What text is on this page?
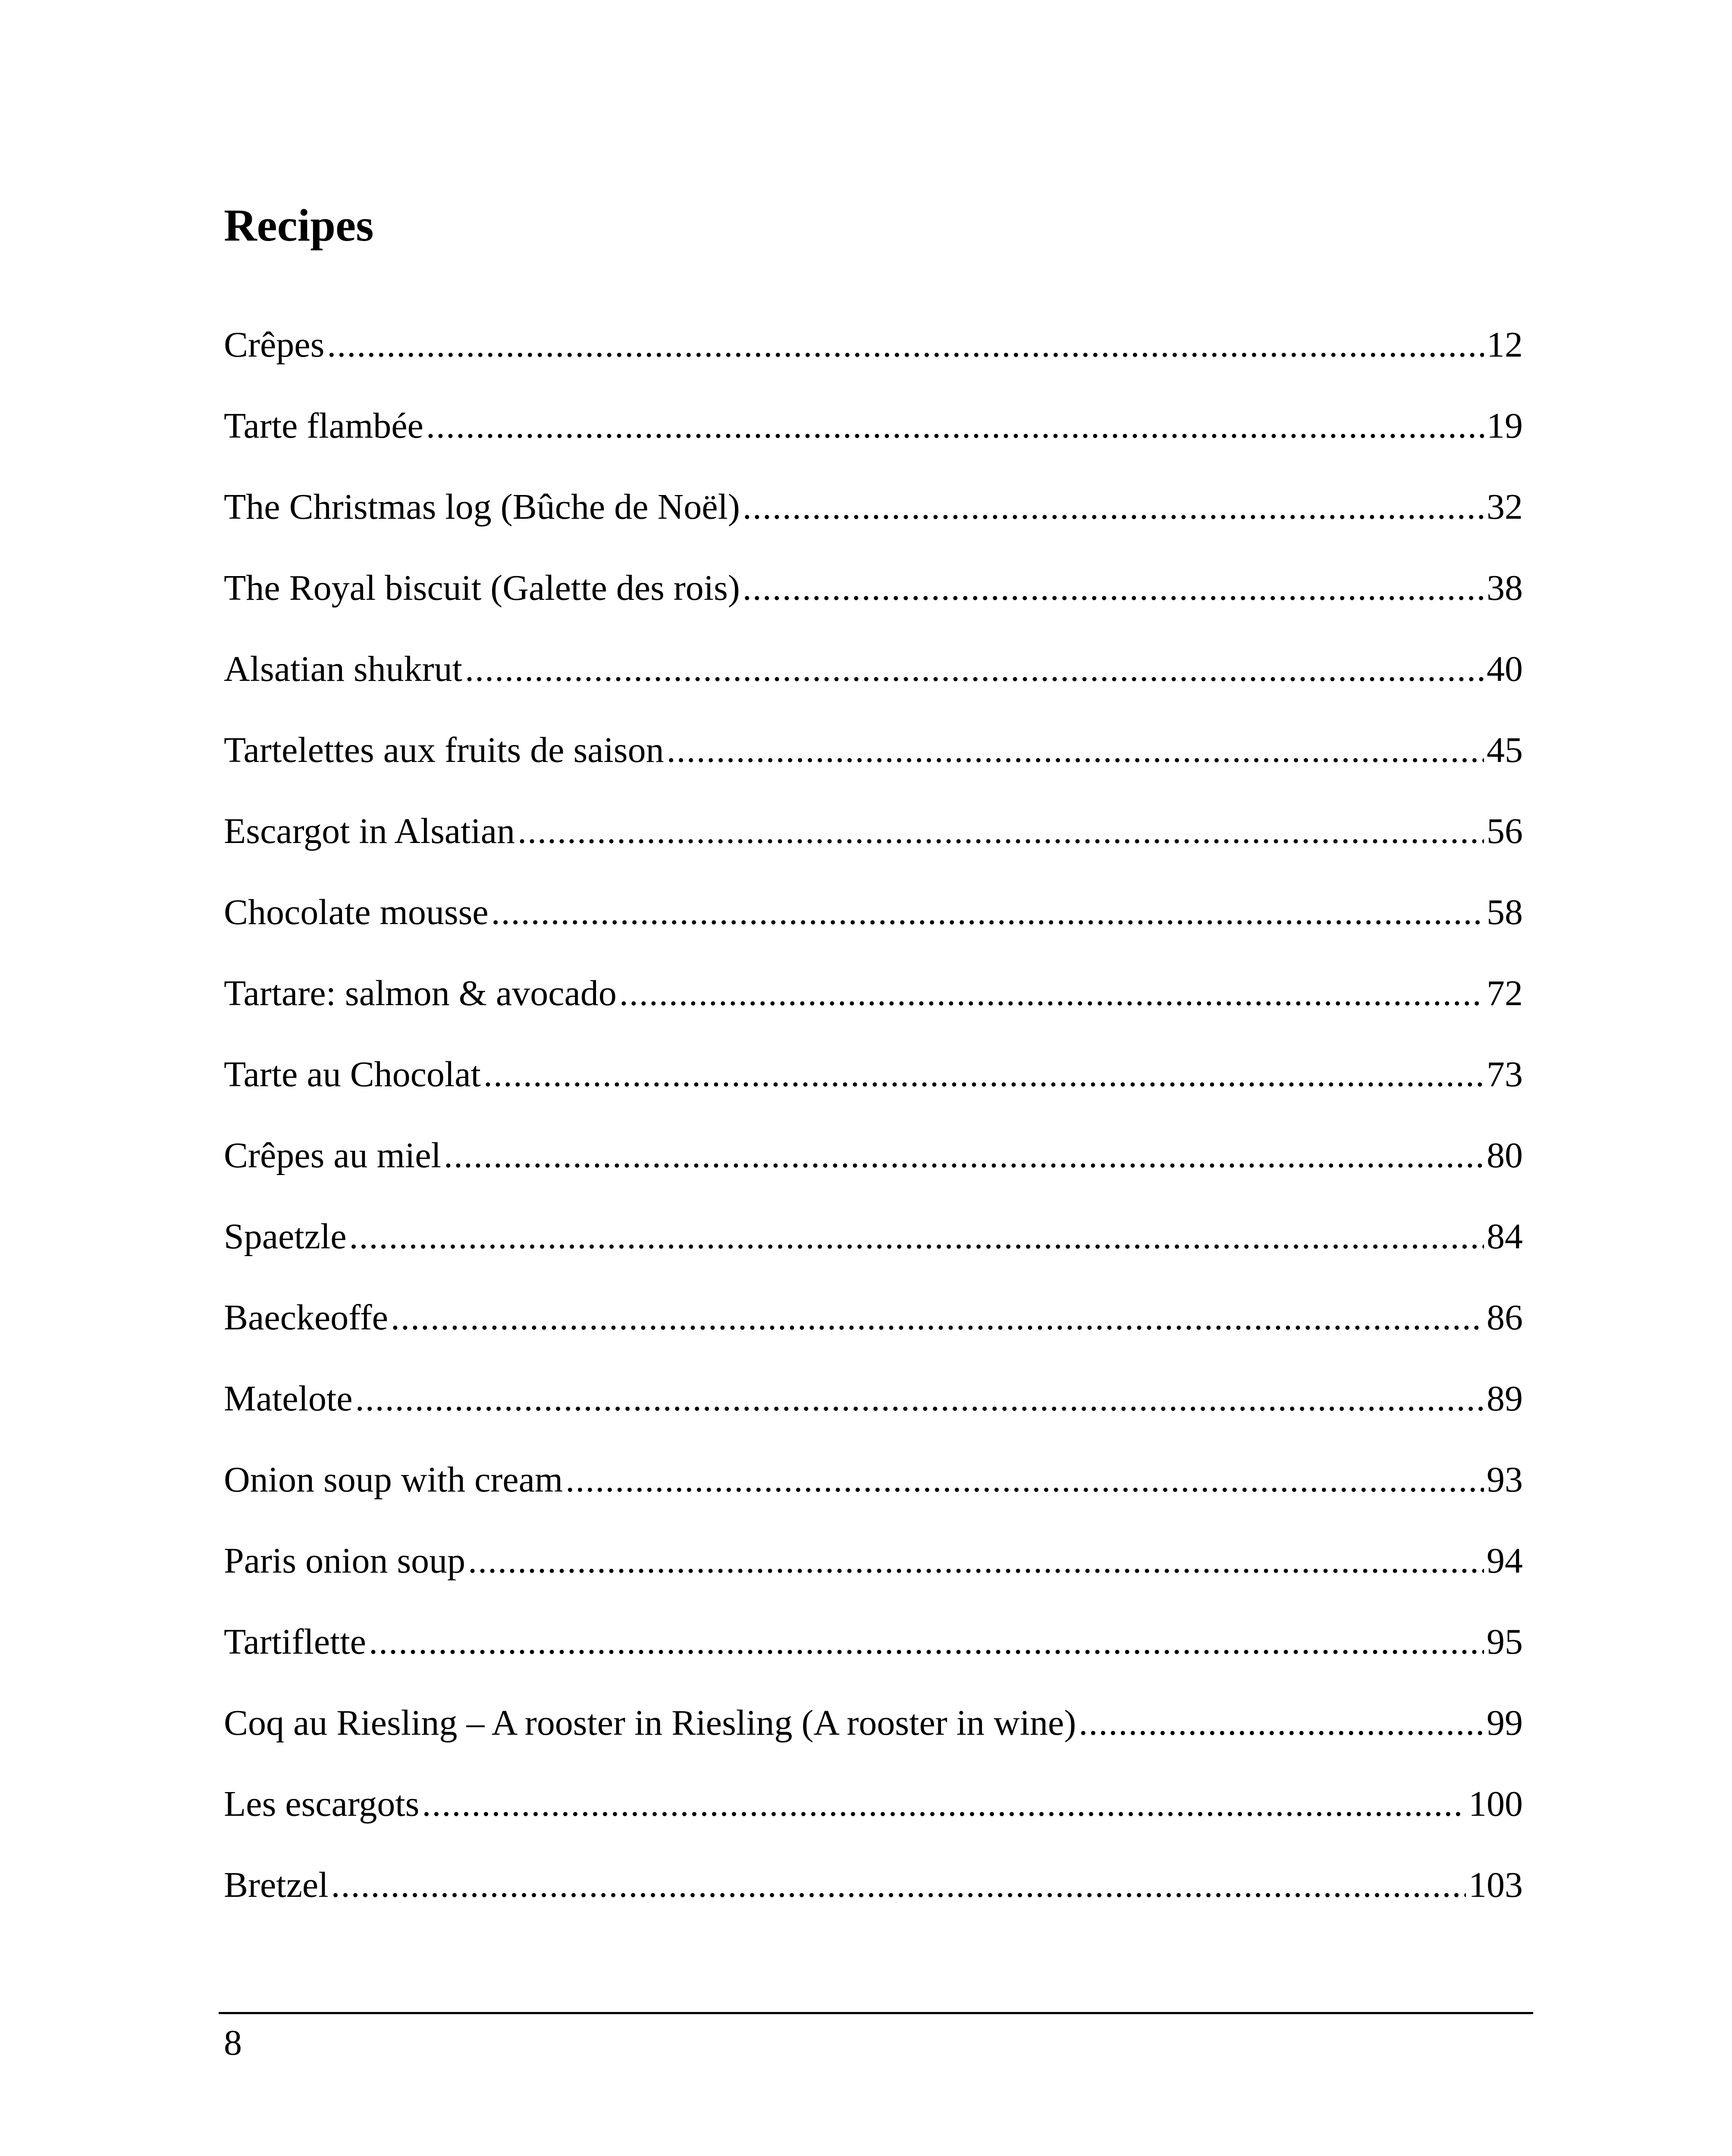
Recipes
Crêpes .....	12
Tarte flambée .....	19
The Christmas log (Bûche de Noël) .....	32
The Royal biscuit (Galette des rois) .....	38
Alsatian shukrut .....	40
Tartelettes aux fruits de saison .....	45
Escargot in Alsatian .....	56
Chocolate mousse .....	58
Tartare: salmon & avocado .....	72
Tarte au Chocolat .....	73
Crêpes au miel .....	80
Spaetzle .....	84
Baeckeoffe .....	86
Matelote .....	89
Onion soup with cream .....	93
Paris onion soup .....	94
Tartiflette .....	95
Coq au Riesling – A rooster in Riesling (A rooster in wine) .....	99
Les escargots .....	100
Bretzel .....	103
8
